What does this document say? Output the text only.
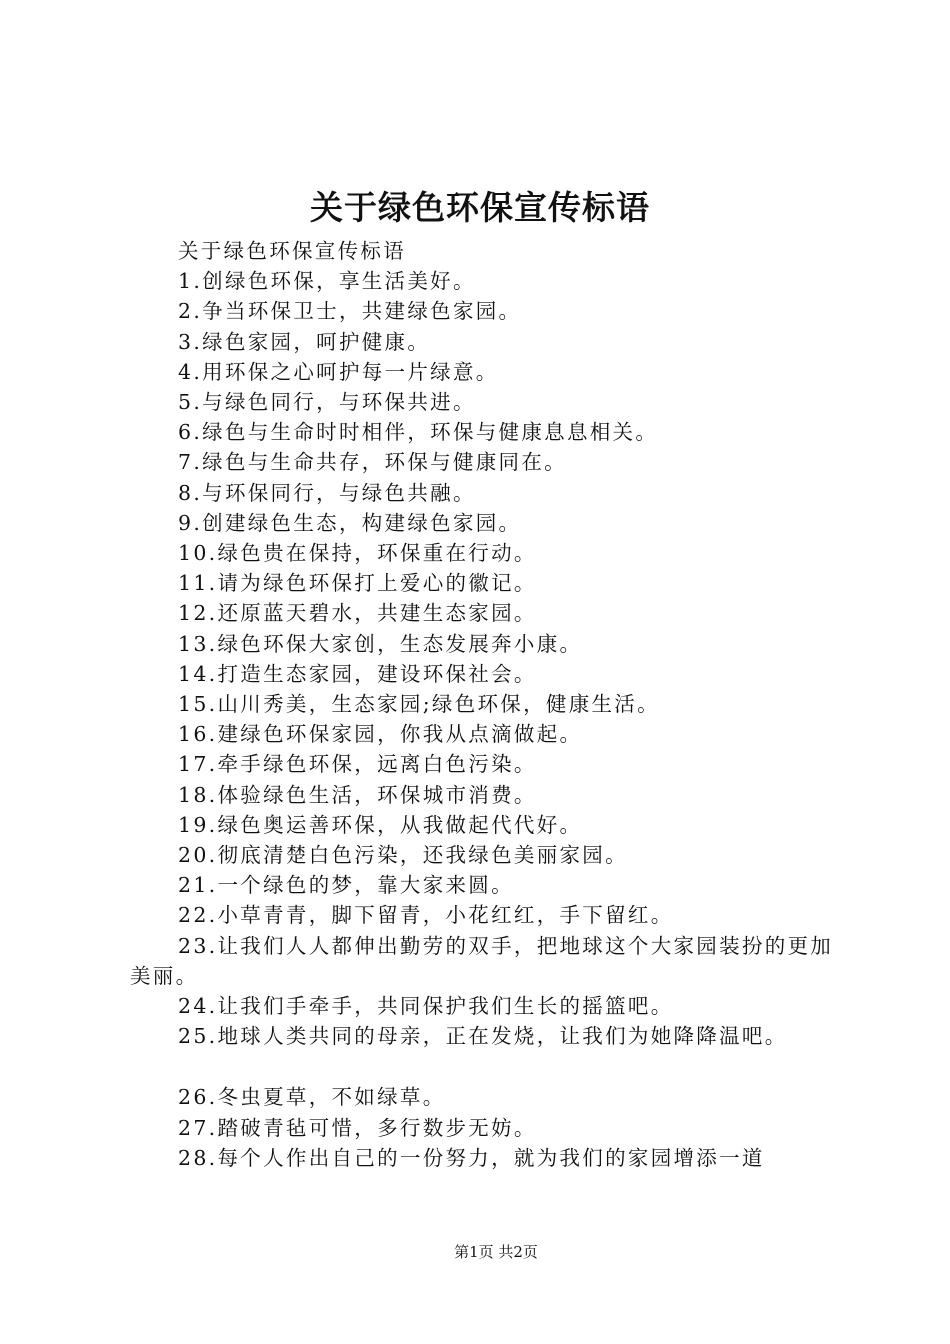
关于绿色环保宣传标语

关于绿色环保宣传标语

1.创绿色环保，享生活美好。

2.争当环保卫士，共建绿色家园。

3.绿色家园，呵护健康。

4.用环保之心呵护每一片绿意。

5.与绿色同行，与环保共进。

6.绿色与生命时时相伴，环保与健康息息相关。

7.绿色与生命共存，环保与健康同在。

8.与环保同行，与绿色共融。

9.创建绿色生态，构建绿色家园。

10.绿色贵在保持，环保重在行动。

11.请为绿色环保打上爱心的徽记。

12.还原蓝天碧水，共建生态家园。

13.绿色环保大家创，生态发展奔小康。

14.打造生态家园，建设环保社会。

15.山川秀美，生态家园;绿色环保，健康生活。

16.建绿色环保家园，你我从点滴做起。

17.牵手绿色环保，远离白色污染。

18.体验绿色生活，环保城市消费。

19.绿色奥运善环保，从我做起代代好。

20.彻底清楚白色污染，还我绿色美丽家园。

21.一个绿色的梦，靠大家来圆。

22.小草青青，脚下留青，小花红红，手下留红。

23.让我们人人都伸出勤劳的双手，把地球这个大家园装扮的更加美丽。

24.让我们手牵手，共同保护我们生长的摇篮吧。

25.地球人类共同的母亲，正在发烧，让我们为她降降温吧。

26.冬虫夏草，不如绿草。

27.踏破青毡可惜，多行数步无妨。

28.每个人作出自己的一份努力，就为我们的家园增添一道

第1页 共2页
